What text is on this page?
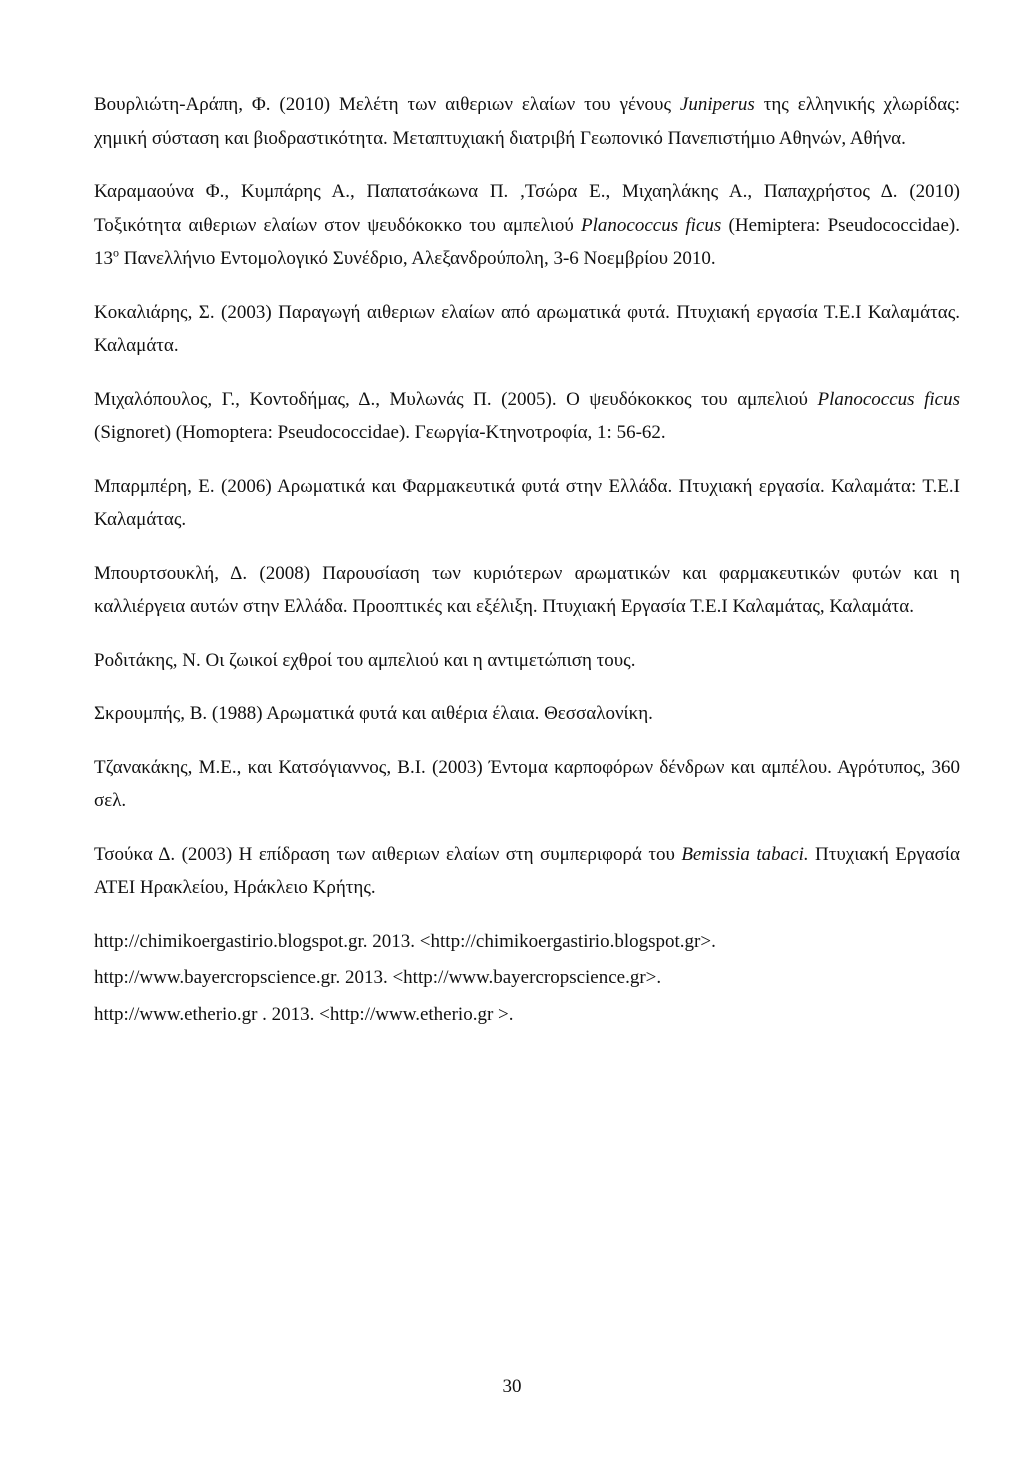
Βουρλιώτη-Αράπη, Φ. (2010) Μελέτη των αιθεριων ελαίων του γένους Juniperus της ελληνικής χλωρίδας: χημική σύσταση και βιοδραστικότητα. Μεταπτυχιακή διατριβή Γεωπονικό Πανεπιστήμιο Αθηνών, Αθήνα.

Καραμαούνα Φ., Κυμπάρης Α., Παπατσάκωνα Π. ,Τσώρα Ε., Μιχαηλάκης Α., Παπαχρήστος Δ. (2010) Τοξικότητα αιθεριων ελαίων στον ψευδόκοκκο του αμπελιού Planococcus ficus (Hemiptera: Pseudococcidae). $13^o$ Πανελλήνιο Εντομολογικό Συνέδριο, Αλεξανδρούπολη, 3-6 Νοεμβρίου 2010.

Κοκαλιάρης, Σ. (2003) Παραγωγή αιθεριων ελαίων από αρωματικά φυτά. Πτυχιακή εργασία Τ.Ε.Ι Καλαμάτας. Καλαμάτα.

Μιχαλόπουλος, Γ., Κοντοδήμας, Δ., Μυλωνάς Π. (2005). Ο ψευδόκοκκος του αμπελιού Planococcus ficus (Signoret) (Homoptera: Pseudococcidae). Γεωργία-Κτηνοτροφία, 1: 56-62.

Μπαρμπέρη, Ε. (2006) Αρωματικά και Φαρμακευτικά φυτά στην Ελλάδα. Πτυχιακή εργασία. Καλαμάτα: Τ.Ε.Ι Καλαμάτας.

Μπουρτσουκλή, Δ. (2008) Παρουσίαση των κυριότερων αρωματικών και φαρμακευτικών φυτών και η καλλιέργεια αυτών στην Ελλάδα. Προοπτικές και εξέλιξη. Πτυχιακή Εργασία Τ.Ε.Ι Καλαμάτας, Καλαμάτα.

Ροδιτάκης, Ν. Οι ζωικοί εχθροί του αμπελιού και η αντιμετώπιση τους.

Σκρουμπής, Β. (1988) Αρωματικά φυτά και αιθέρια έλαια. Θεσσαλονίκη.

Τζανακάκης, Μ.Ε., και Κατσόγιαννος, Β.Ι. (2003) Έντομα καρποφόρων δένδρων και αμπέλου. Αγρότυπος, 360 σελ.

Τσούκα Δ. (2003) Η επίδραση των αιθεριων ελαίων στη συμπεριφορά του Bemissia tabaci. Πτυχιακή Εργασία ΑΤΕΙ Ηρακλείου, Ηράκλειο Κρήτης.

http://chimikoergastirio.blogspot.gr. 2013. <http://chimikoergastirio.blogspot.gr>.

http://www.bayercropscience.gr. 2013. <http://www.bayercropscience.gr>.

http://www.etherio.gr . 2013. <http://www.etherio.gr >.

30
